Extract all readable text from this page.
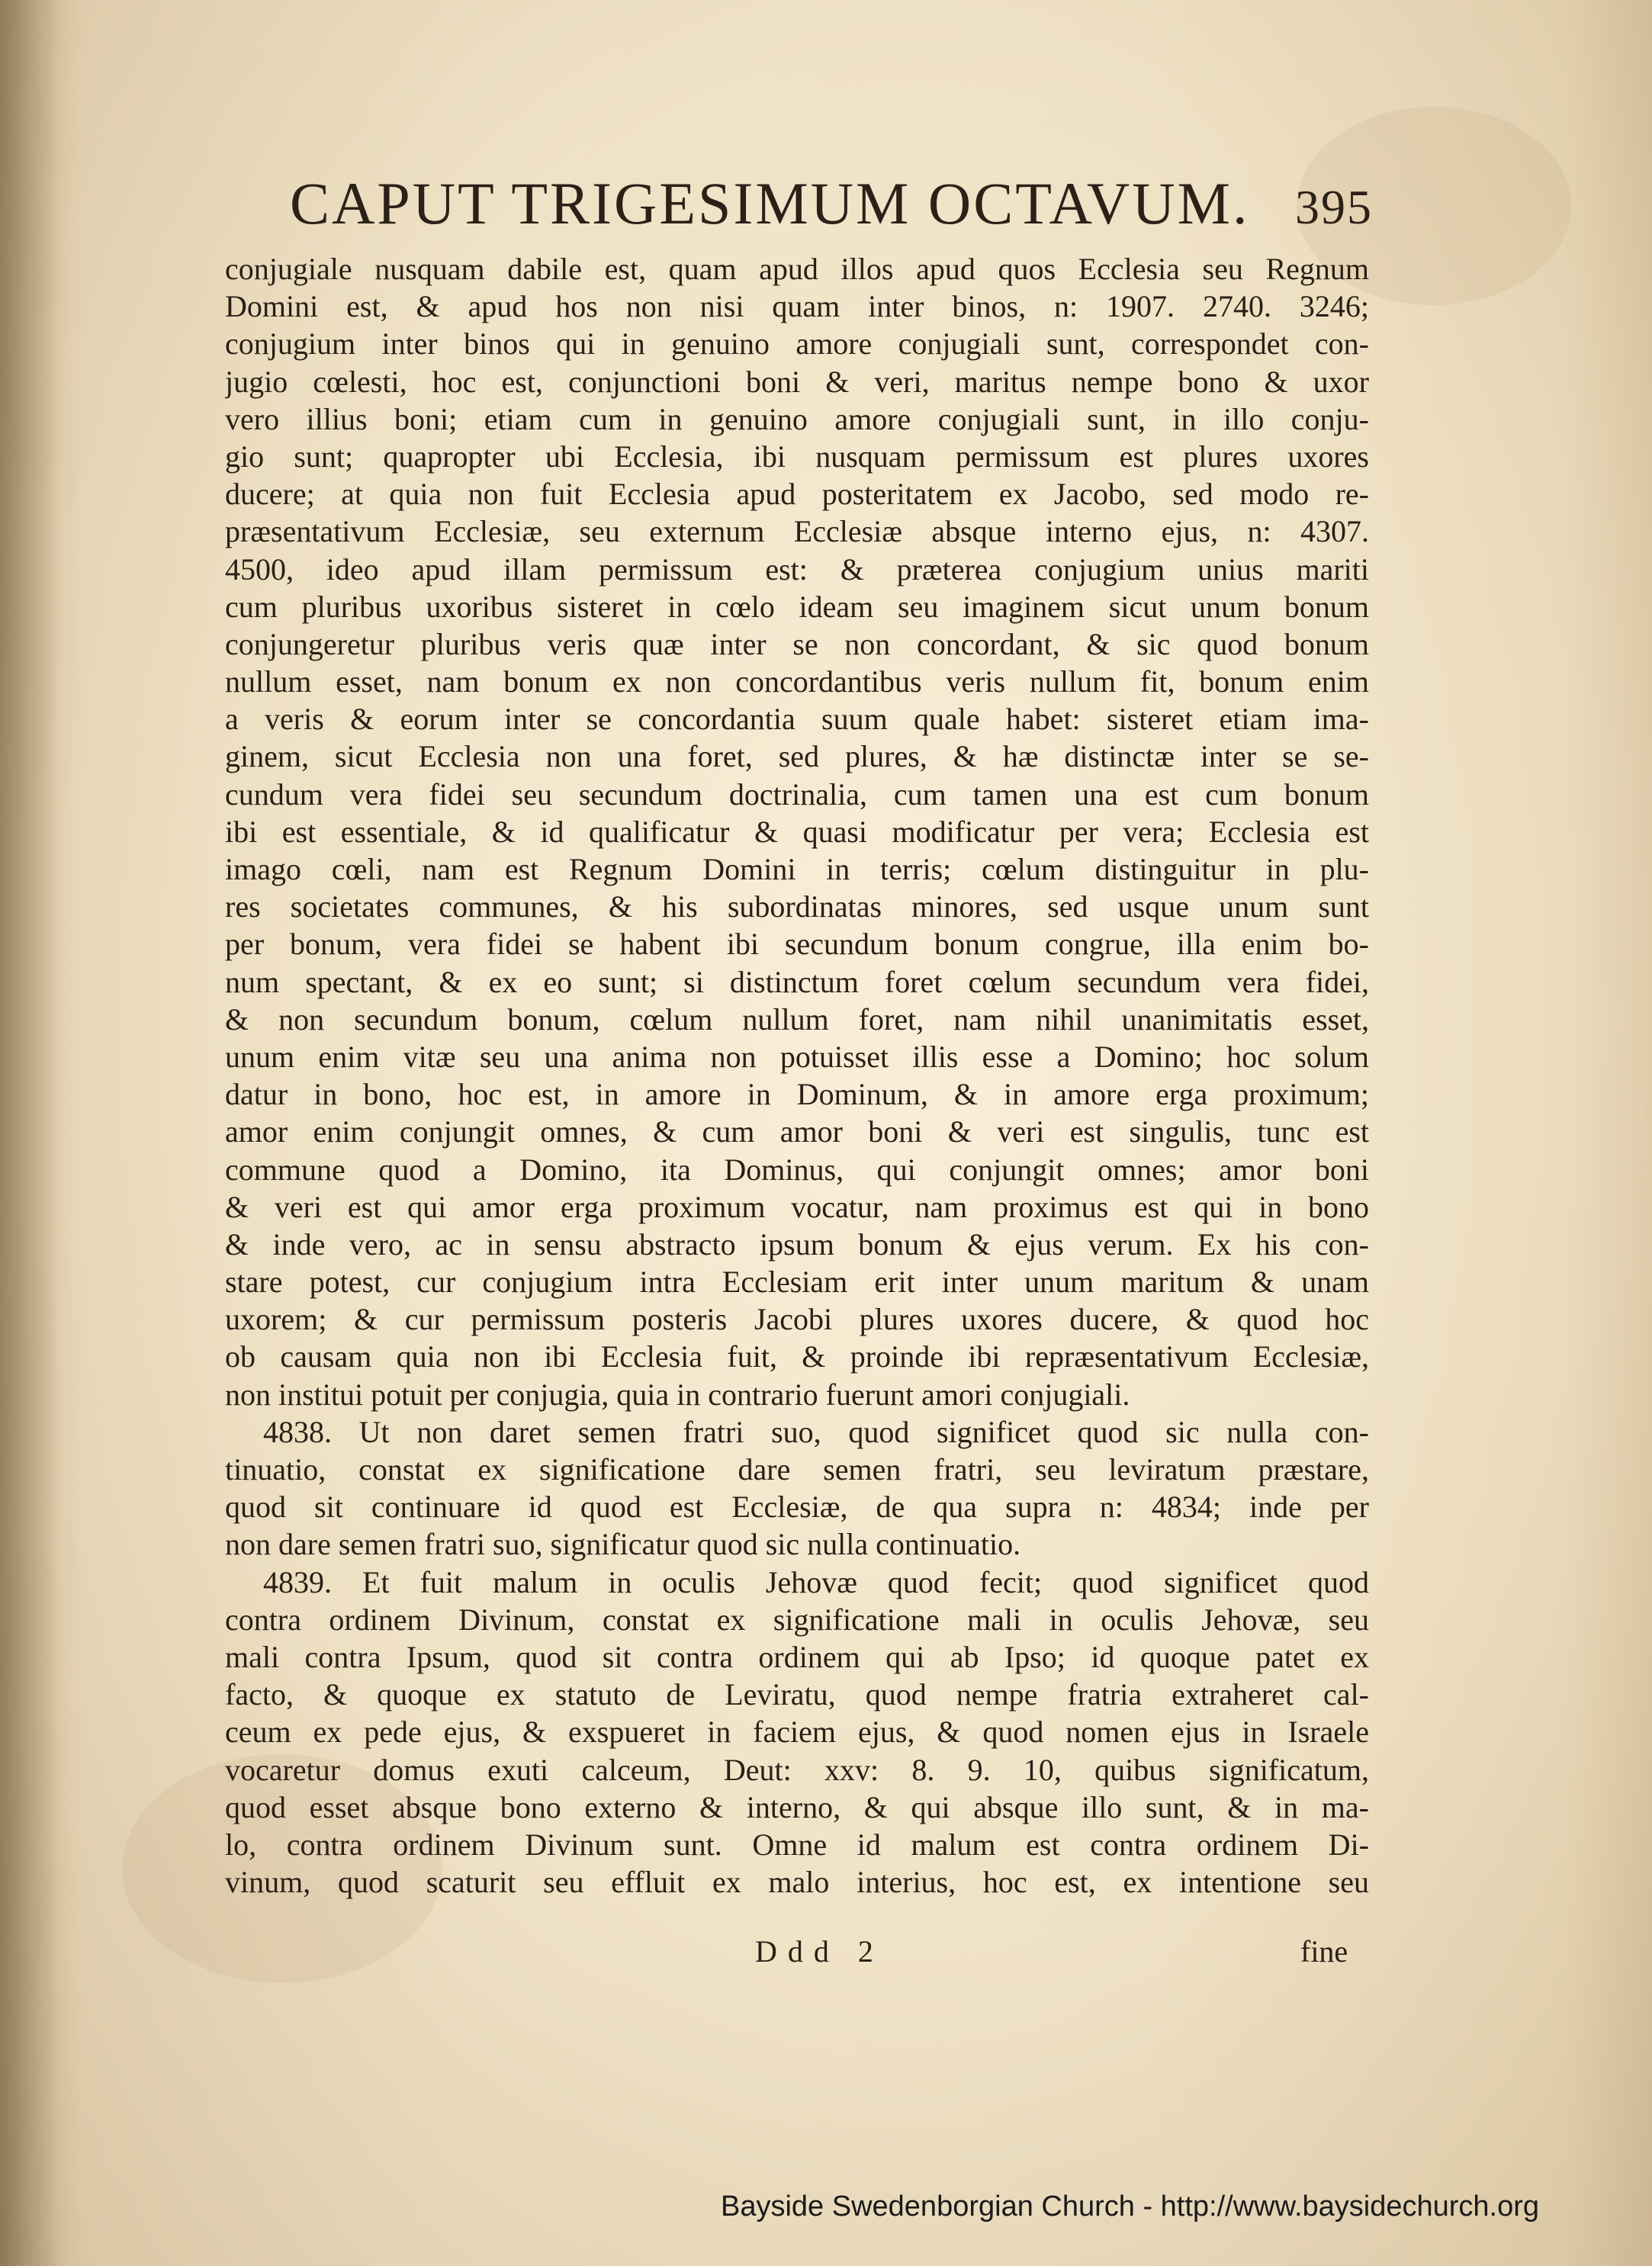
CAPUT TRIGESIMUM OCTAVUM. 395
conjugiale nusquam dabile est, quam apud illos apud quos Ecclesia seu Regnum
Domini est, & apud hos non nisi quam inter binos, n: 1907. 2740. 3246;
conjugium inter binos qui in genuino amore conjugiali sunt, correspondet con-
jugio cœlesti, hoc est, conjunctioni boni & veri, maritus nempe bono & uxor
vero illius boni; etiam cum in genuino amore conjugiali sunt, in illo conju-
gio sunt; quapropter ubi Ecclesia, ibi nusquam permissum est plures uxores
ducere; at quia non fuit Ecclesia apud posteritatem ex Jacobo, sed modo re-
præsentativum Ecclesiæ, seu externum Ecclesiæ absque interno ejus, n: 4307.
4500, ideo apud illam permissum est: & præterea conjugium unius mariti
cum pluribus uxoribus sisteret in cœlo ideam seu imaginem sicut unum bonum
conjungeretur pluribus veris quæ inter se non concordant, & sic quod bonum
nullum esset, nam bonum ex non concordantibus veris nullum fit, bonum enim
a veris & eorum inter se concordantia suum quale habet: sisteret etiam ima-
ginem, sicut Ecclesia non una foret, sed plures, & hæ distinctæ inter se se-
cundum vera fidei seu secundum doctrinalia, cum tamen una est cum bonum
ibi est essentiale, & id qualificatur & quasi modificatur per vera; Ecclesia est
imago cœli, nam est Regnum Domini in terris; cœlum distinguitur in plu-
res societates communes, & his subordinatas minores, sed usque unum sunt
per bonum, vera fidei se habent ibi secundum bonum congrue, illa enim bo-
num spectant, & ex eo sunt; si distinctum foret cœlum secundum vera fidei,
& non secundum bonum, cœlum nullum foret, nam nihil unanimitatis esset,
unum enim vitæ seu una anima non potuisset illis esse a Domino; hoc solum
datur in bono, hoc est, in amore in Dominum, & in amore erga proximum;
amor enim conjungit omnes, & cum amor boni & veri est singulis, tunc est
commune quod a Domino, ita Dominus, qui conjungit omnes; amor boni
& veri est qui amor erga proximum vocatur, nam proximus est qui in bono
& inde vero, ac in sensu abstracto ipsum bonum & ejus verum. Ex his con-
stare potest, cur conjugium intra Ecclesiam erit inter unum maritum & unam
uxorem; & cur permissum posteris Jacobi plures uxores ducere, & quod hoc
ob causam quia non ibi Ecclesia fuit, & proinde ibi repræsentativum Ecclesiæ,
non institui potuit per conjugia, quia in contrario fuerunt amori conjugiali.
4838. Ut non daret semen fratri suo, quod significet quod sic nulla con-
tinuatio, constat ex significatione dare semen fratri, seu leviratum præstare,
quod sit continuare id quod est Ecclesiæ, de qua supra n: 4834; inde per
non dare semen fratri suo, significatur quod sic nulla continuatio.
4839. Et fuit malum in oculis Jehovæ quod fecit; quod significet quod
contra ordinem Divinum, constat ex significatione mali in oculis Jehovæ, seu
mali contra Ipsum, quod sit contra ordinem qui ab Ipso; id quoque patet ex
facto, & quoque ex statuto de Leviratu, quod nempe fratria extraheret cal-
ceum ex pede ejus, & exspueret in faciem ejus, & quod nomen ejus in Israele
vocaretur domus exuti calceum, Deut: xxv: 8. 9. 10, quibus significatum,
quod esset absque bono externo & interno, & qui absque illo sunt, & in ma-
lo, contra ordinem Divinum sunt. Omne id malum est contra ordinem Di-
vinum, quod scaturit seu effluit ex malo interius, hoc est, ex intentione seu
Ddd 2	fine
Bayside Swedenborgian Church - http://www.baysidechurch.org
